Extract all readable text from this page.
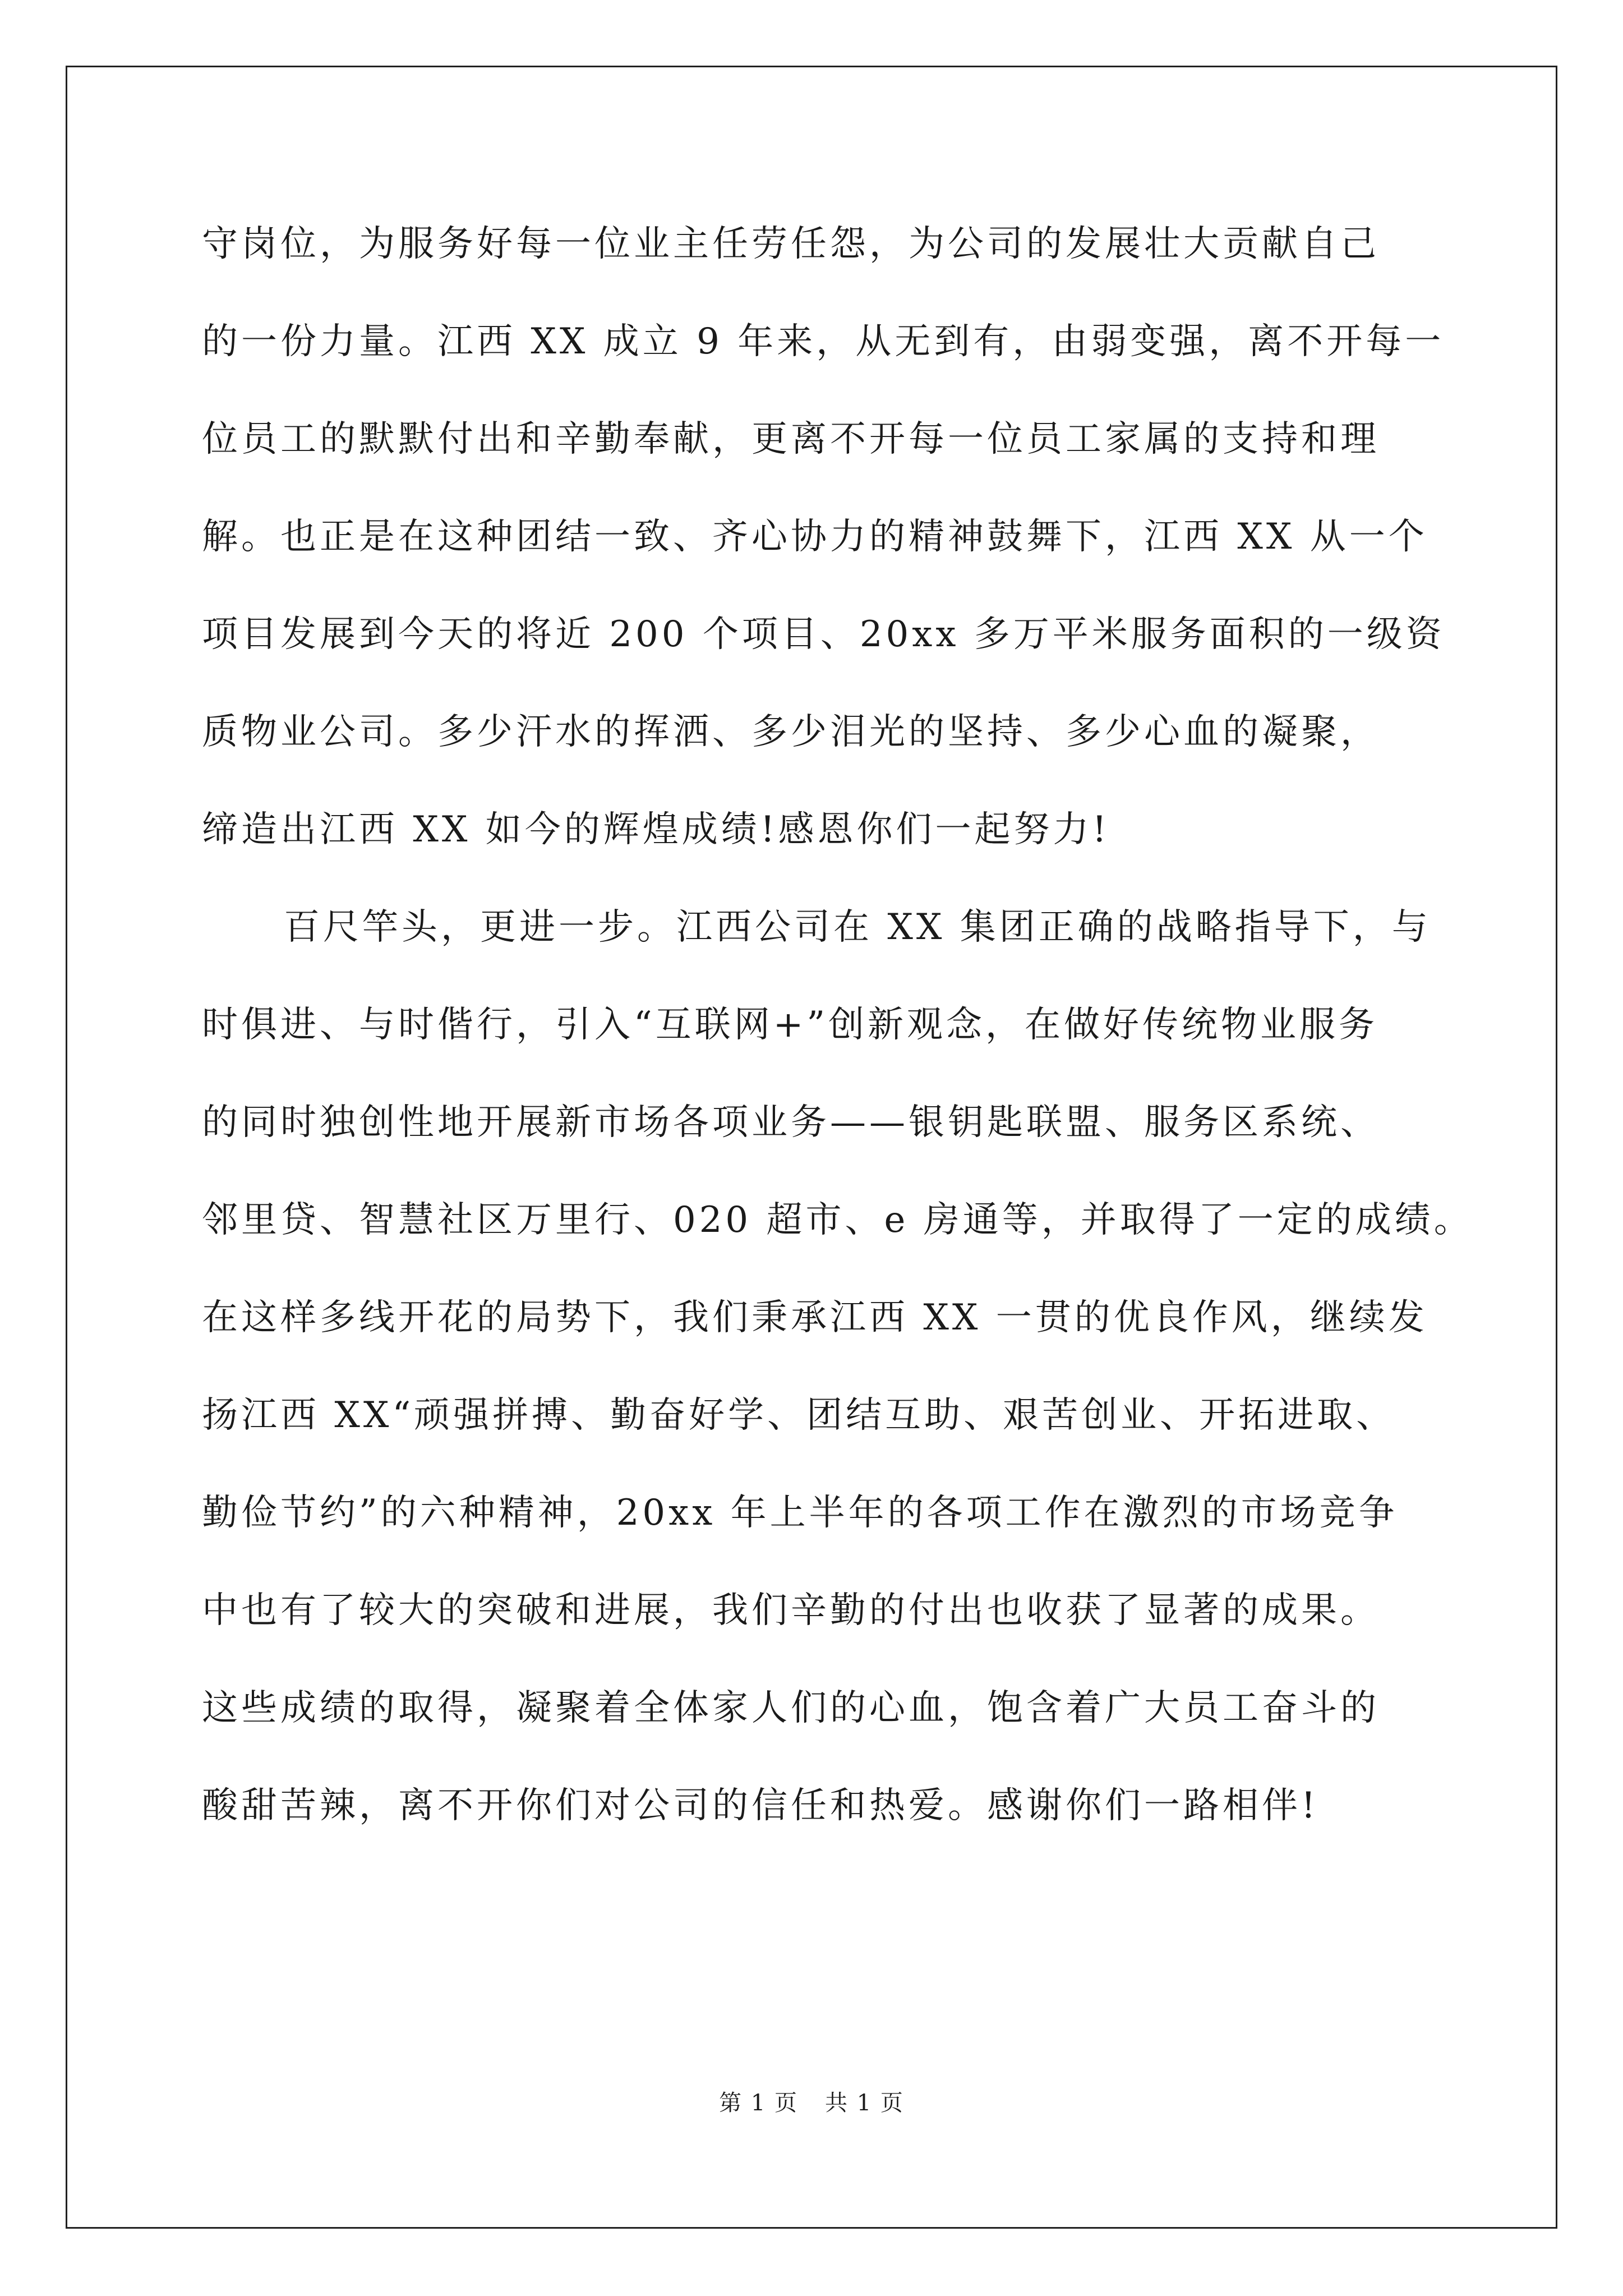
守岗位，为服务好每一位业主任劳任怨，为公司的发展壮大贡献自己
的一份力量。江西 XX 成立 9 年来，从无到有，由弱变强，离不开每一
位员工的默默付出和辛勤奉献，更离不开每一位员工家属的支持和理
解。也正是在这种团结一致、齐心协力的精神鼓舞下，江西 XX 从一个
项目发展到今天的将近 200 个项目、20xx 多万平米服务面积的一级资
质物业公司。多少汗水的挥洒、多少泪光的坚持、多少心血的凝聚，
缔造出江西 XX 如今的辉煌成绩!感恩你们一起努力!
百尺竿头，更进一步。江西公司在 XX 集团正确的战略指导下，与
时俱进、与时偕行，引入“互联网+”创新观念，在做好传统物业服务
的同时独创性地开展新市场各项业务——银钥匙联盟、服务区系统、
邻里贷、智慧社区万里行、020 超市、e 房通等，并取得了一定的成绩。
在这样多线开花的局势下，我们秉承江西 XX 一贯的优良作风，继续发
扬江西 XX“顽强拼搏、勤奋好学、团结互助、艰苦创业、开拓进取、
勤俭节约”的六种精神，20xx 年上半年的各项工作在激烈的市场竞争
中也有了较大的突破和进展，我们辛勤的付出也收获了显著的成果。
这些成绩的取得，凝聚着全体家人们的心血，饱含着广大员工奋斗的
酸甜苦辣，离不开你们对公司的信任和热爱。感谢你们一路相伴!
第 1 页 共 1 页
